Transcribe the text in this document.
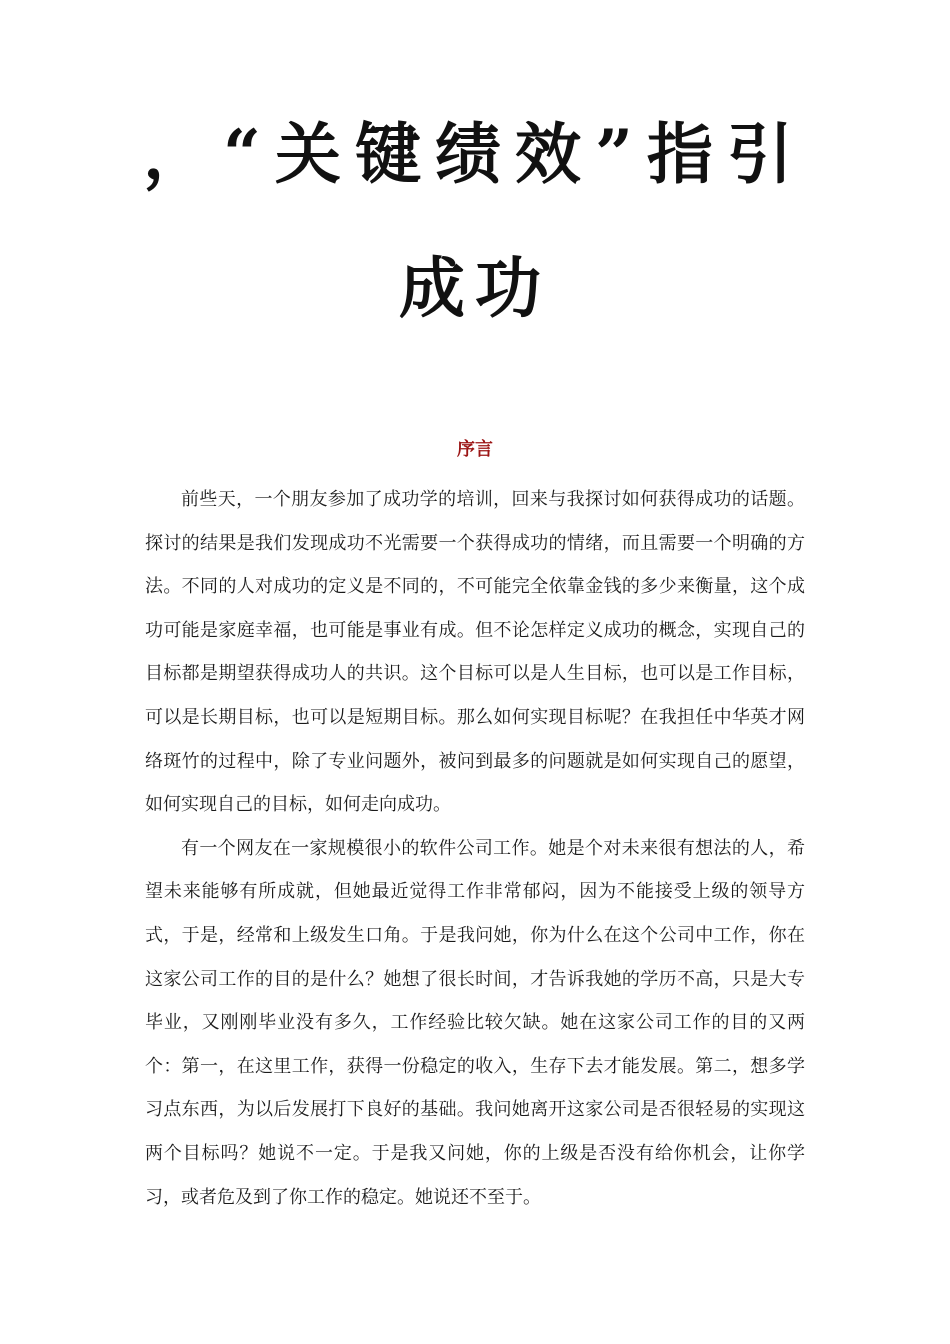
，“关键绩效”指引
成功
序言

前些天，一个朋友参加了成功学的培训，回来与我探讨如何获得成功的话题。探讨的结果是我们发现成功不光需要一个获得成功的情绪，而且需要一个明确的方法。不同的人对成功的定义是不同的，不可能完全依靠金钱的多少来衡量，这个成功可能是家庭幸福，也可能是事业有成。但不论怎样定义成功的概念，实现自己的目标都是期望获得成功人的共识。这个目标可以是人生目标，也可以是工作目标，可以是长期目标，也可以是短期目标。那么如何实现目标呢？在我担任中华英才网络斑竹的过程中，除了专业问题外，被问到最多的问题就是如何实现自己的愿望，如何实现自己的目标，如何走向成功。

有一个网友在一家规模很小的软件公司工作。她是个对未来很有想法的人，希望未来能够有所成就，但她最近觉得工作非常郁闷，因为不能接受上级的领导方式，于是，经常和上级发生口角。于是我问她，你为什么在这个公司中工作，你在这家公司工作的目的是什么？她想了很长时间，才告诉我她的学历不高，只是大专毕业，又刚刚毕业没有多久，工作经验比较欠缺。她在这家公司工作的目的又两个：第一，在这里工作，获得一份稳定的收入，生存下去才能发展。第二，想多学习点东西，为以后发展打下良好的基础。我问她离开这家公司是否很轻易的实现这两个目标吗？她说不一定。于是我又问她，你的上级是否没有给你机会，让你学习，或者危及到了你工作的稳定。她说还不至于。
